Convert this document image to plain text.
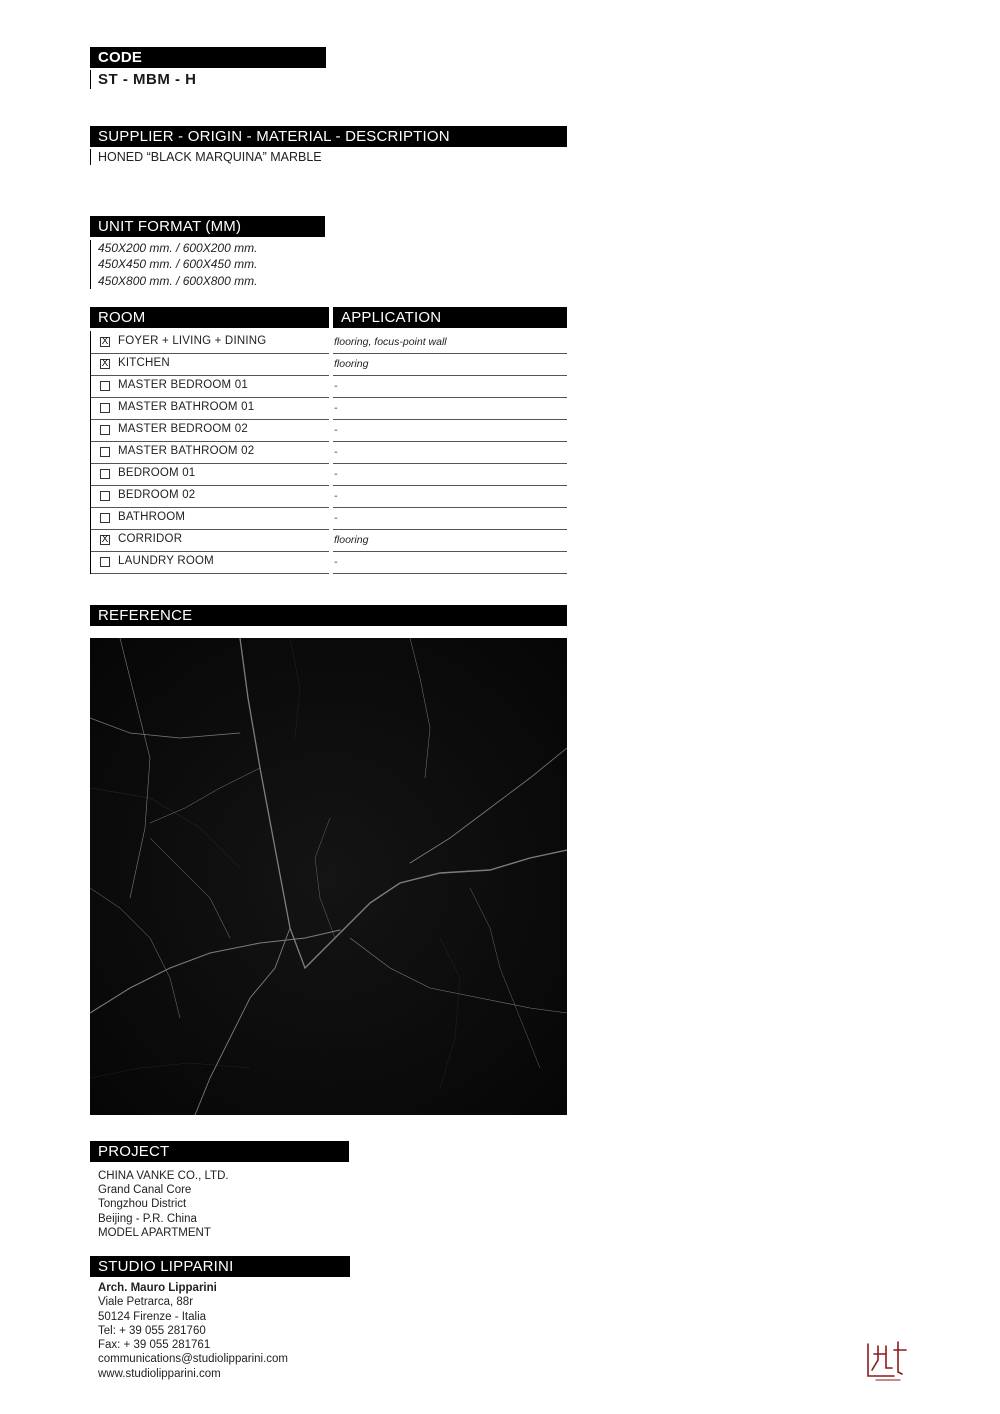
CODE
ST - MBM - H
SUPPLIER - ORIGIN - MATERIAL - DESCRIPTION
HONED “BLACK MARQUINA” MARBLE
UNIT FORMAT (MM)
450X200 mm. / 600X200 mm.
450X450 mm. / 600X450 mm.
450X800 mm. / 600X800 mm.
ROOM	APPLICATION
X FOYER + LIVING + DINING	flooring, focus-point wall
X KITCHEN	flooring
MASTER BEDROOM 01	-
MASTER BATHROOM 01	-
MASTER BEDROOM 02	-
MASTER BATHROOM 02	-
BEDROOM 01	-
BEDROOM 02	-
BATHROOM	-
X CORRIDOR	flooring
LAUNDRY ROOM	-
REFERENCE
PROJECT
CHINA VANKE CO., LTD.
Grand Canal Core
Tongzhou District
Beijing - P.R. China
MODEL APARTMENT
STUDIO LIPPARINI
Arch. Mauro Lipparini
Viale Petrarca, 88r
50124 Firenze - Italia
Tel: + 39 055 281760
Fax: + 39 055 281761
communications@studiolipparini.com
www.studiolipparini.com
